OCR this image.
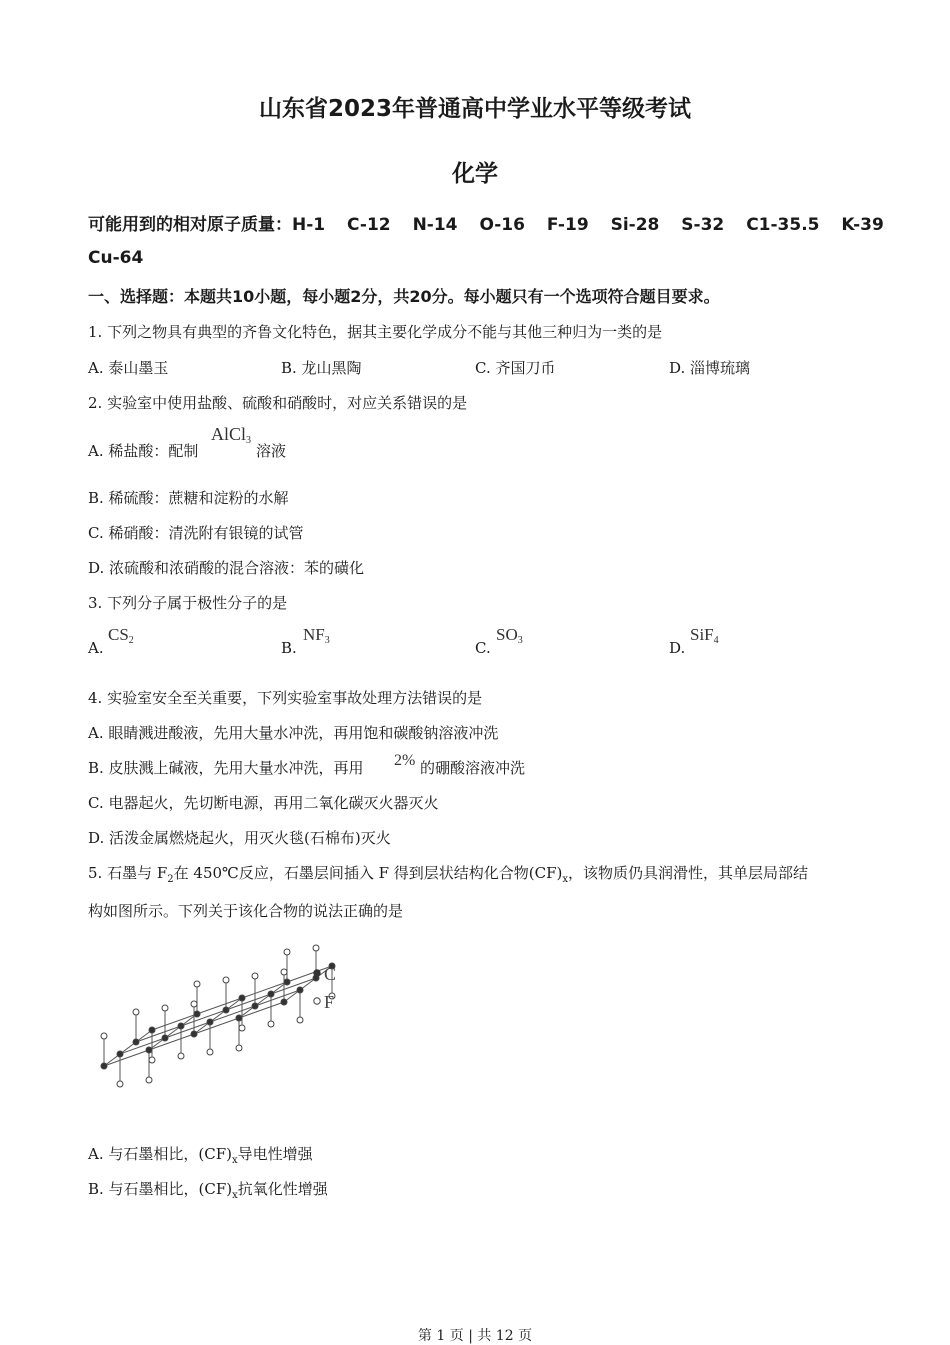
山东省2023年普通高中学业水平等级考试
化学
可能用到的相对原子质量：H-1 C-12 N-14 O-16 F-19 Si-28 S-32 C1-35.5 K-39
Cu-64
一、选择题：本题共10小题，每小题2分，共20分。每小题只有一个选项符合题目要求。
1. 下列之物具有典型的齐鲁文化特色，据其主要化学成分不能与其他三种归为一类的是
A. 泰山墨玉	B. 龙山黑陶	C. 齐国刀币	D. 淄博琉璃
2. 实验室中使用盐酸、硫酸和硝酸时，对应关系错误的是
A. 稀盐酸：配制
AlCl$_3$
溶液
B. 稀硫酸：蔗糖和淀粉的水解
C. 稀硝酸：清洗附有银镜的试管
D. 浓硫酸和浓硝酸的混合溶液：苯的磺化
3. 下列分子属于极性分子的是
A.
$CS_2$	B.
$NF_3$	C.
$SO_3$	D.
SiF$_4$
4. 实验室安全至关重要，下列实验室事故处理方法错误的是
A. 眼睛溅进酸液，先用大量水冲洗，再用饱和碳酸钠溶液冲洗
B. 皮肤溅上碱液，先用大量水冲洗，再用 2% 的硼酸溶液冲洗
C. 电器起火，先切断电源，再用二氧化碳灭火器灭火
D. 活泼金属燃烧起火，用灭火毯(石棉布)灭火
5. 石墨与 $F_2$在 450℃反应，石墨层间插入 F 得到层状结构化合物$(CF)_x$，该物质仍具润滑性，其单层局部结
构如图所示。下列关于该化合物的说法正确的是
C
F
A. 与石墨相比，$(CF)_x$导电性增强
B. 与石墨相比，$(CF)_x$抗氧化性增强
第 1 页 | 共 12 页
